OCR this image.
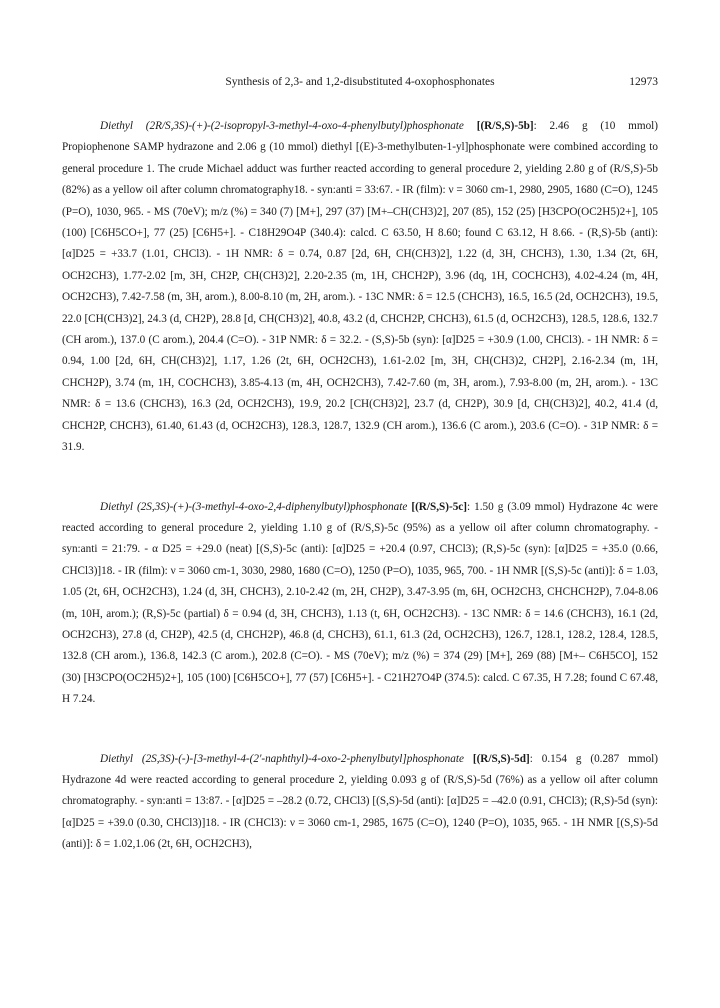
Synthesis of 2,3- and 1,2-disubstituted 4-oxophosphonates	12973

Diethyl (2R/S,3S)-(+)-(2-isopropyl-3-methyl-4-oxo-4-phenylbutyl)phosphonate [(R/S,S)-5b]: 2.46 g (10 mmol) Propiophenone SAMP hydrazone and 2.06 g (10 mmol) diethyl [(E)-3-methylbuten-1-yl]phosphonate were combined according to general procedure 1. The crude Michael adduct was further reacted according to general procedure 2, yielding 2.80 g of (R/S,S)-5b (82%) as a yellow oil after column chromatography18. - syn:anti = 33:67. - IR (film): ν = 3060 cm-1, 2980, 2905, 1680 (C=O), 1245 (P=O), 1030, 965. - MS (70eV); m/z (%) = 340 (7) [M+], 297 (37) [M+–CH(CH3)2], 207 (85), 152 (25) [H3CPO(OC2H5)2+], 105 (100) [C6H5CO+], 77 (25) [C6H5+]. - C18H29O4P (340.4): calcd. C 63.50, H 8.60; found C 63.12, H 8.66. - (R,S)-5b (anti): [α]D25 = +33.7 (1.01, CHCl3). - 1H NMR: δ = 0.74, 0.87 [2d, 6H, CH(CH3)2], 1.22 (d, 3H, CHCH3), 1.30, 1.34 (2t, 6H, OCH2CH3), 1.77-2.02 [m, 3H, CH2P, CH(CH3)2], 2.20-2.35 (m, 1H, CHCH2P), 3.96 (dq, 1H, COCHCH3), 4.02-4.24 (m, 4H, OCH2CH3), 7.42-7.58 (m, 3H, arom.), 8.00-8.10 (m, 2H, arom.). - 13C NMR: δ = 12.5 (CHCH3), 16.5, 16.5 (2d, OCH2CH3), 19.5, 22.0 [CH(CH3)2], 24.3 (d, CH2P), 28.8 [d, CH(CH3)2], 40.8, 43.2 (d, CHCH2P, CHCH3), 61.5 (d, OCH2CH3), 128.5, 128.6, 132.7 (CH arom.), 137.0 (C arom.), 204.4 (C=O). - 31P NMR: δ = 32.2. - (S,S)-5b (syn): [α]D25 = +30.9 (1.00, CHCl3). - 1H NMR: δ = 0.94, 1.00 [2d, 6H, CH(CH3)2], 1.17, 1.26 (2t, 6H, OCH2CH3), 1.61-2.02 [m, 3H, CH(CH3)2, CH2P], 2.16-2.34 (m, 1H, CHCH2P), 3.74 (m, 1H, COCHCH3), 3.85-4.13 (m, 4H, OCH2CH3), 7.42-7.60 (m, 3H, arom.), 7.93-8.00 (m, 2H, arom.). - 13C NMR: δ = 13.6 (CHCH3), 16.3 (2d, OCH2CH3), 19.9, 20.2 [CH(CH3)2], 23.7 (d, CH2P), 30.9 [d, CH(CH3)2], 40.2, 41.4 (d, CHCH2P, CHCH3), 61.40, 61.43 (d, OCH2CH3), 128.3, 128.7, 132.9 (CH arom.), 136.6 (C arom.), 203.6 (C=O). - 31P NMR: δ = 31.9.

Diethyl (2S,3S)-(+)-(3-methyl-4-oxo-2,4-diphenylbutyl)phosphonate [(R/S,S)-5c]: 1.50 g (3.09 mmol) Hydrazone 4c were reacted according to general procedure 2, yielding 1.10 g of (R/S,S)-5c (95%) as a yellow oil after column chromatography. - syn:anti = 21:79. - α D25 = +29.0 (neat) [(S,S)-5c (anti): [α]D25 = +20.4 (0.97, CHCl3); (R,S)-5c (syn): [α]D25 = +35.0 (0.66, CHCl3)]18. - IR (film): ν = 3060 cm-1, 3030, 2980, 1680 (C=O), 1250 (P=O), 1035, 965, 700. - 1H NMR [(S,S)-5c (anti)]: δ = 1.03, 1.05 (2t, 6H, OCH2CH3), 1.24 (d, 3H, CHCH3), 2.10-2.42 (m, 2H, CH2P), 3.47-3.95 (m, 6H, OCH2CH3, CHCHCH2P), 7.04-8.06 (m, 10H, arom.); (R,S)-5c (partial) δ = 0.94 (d, 3H, CHCH3), 1.13 (t, 6H, OCH2CH3). - 13C NMR: δ = 14.6 (CHCH3), 16.1 (2d, OCH2CH3), 27.8 (d, CH2P), 42.5 (d, CHCH2P), 46.8 (d, CHCH3), 61.1, 61.3 (2d, OCH2CH3), 126.7, 128.1, 128.2, 128.4, 128.5, 132.8 (CH arom.), 136.8, 142.3 (C arom.), 202.8 (C=O). - MS (70eV); m/z (%) = 374 (29) [M+], 269 (88) [M+– C6H5CO], 152 (30) [H3CPO(OC2H5)2+], 105 (100) [C6H5CO+], 77 (57) [C6H5+]. - C21H27O4P (374.5): calcd. C 67.35, H 7.28; found C 67.48, H 7.24.

Diethyl (2S,3S)-(-)-[3-methyl-4-(2'-naphthyl)-4-oxo-2-phenylbutyl]phosphonate [(R/S,S)-5d]: 0.154 g (0.287 mmol) Hydrazone 4d were reacted according to general procedure 2, yielding 0.093 g of (R/S,S)-5d (76%) as a yellow oil after column chromatography. - syn:anti = 13:87. - [α]D25 = –28.2 (0.72, CHCl3) [(S,S)-5d (anti): [α]D25 = –42.0 (0.91, CHCl3); (R,S)-5d (syn): [α]D25 = +39.0 (0.30, CHCl3)]18. - IR (CHCl3): ν = 3060 cm-1, 2985, 1675 (C=O), 1240 (P=O), 1035, 965. - 1H NMR [(S,S)-5d (anti)]: δ = 1.02,1.06 (2t, 6H, OCH2CH3),
